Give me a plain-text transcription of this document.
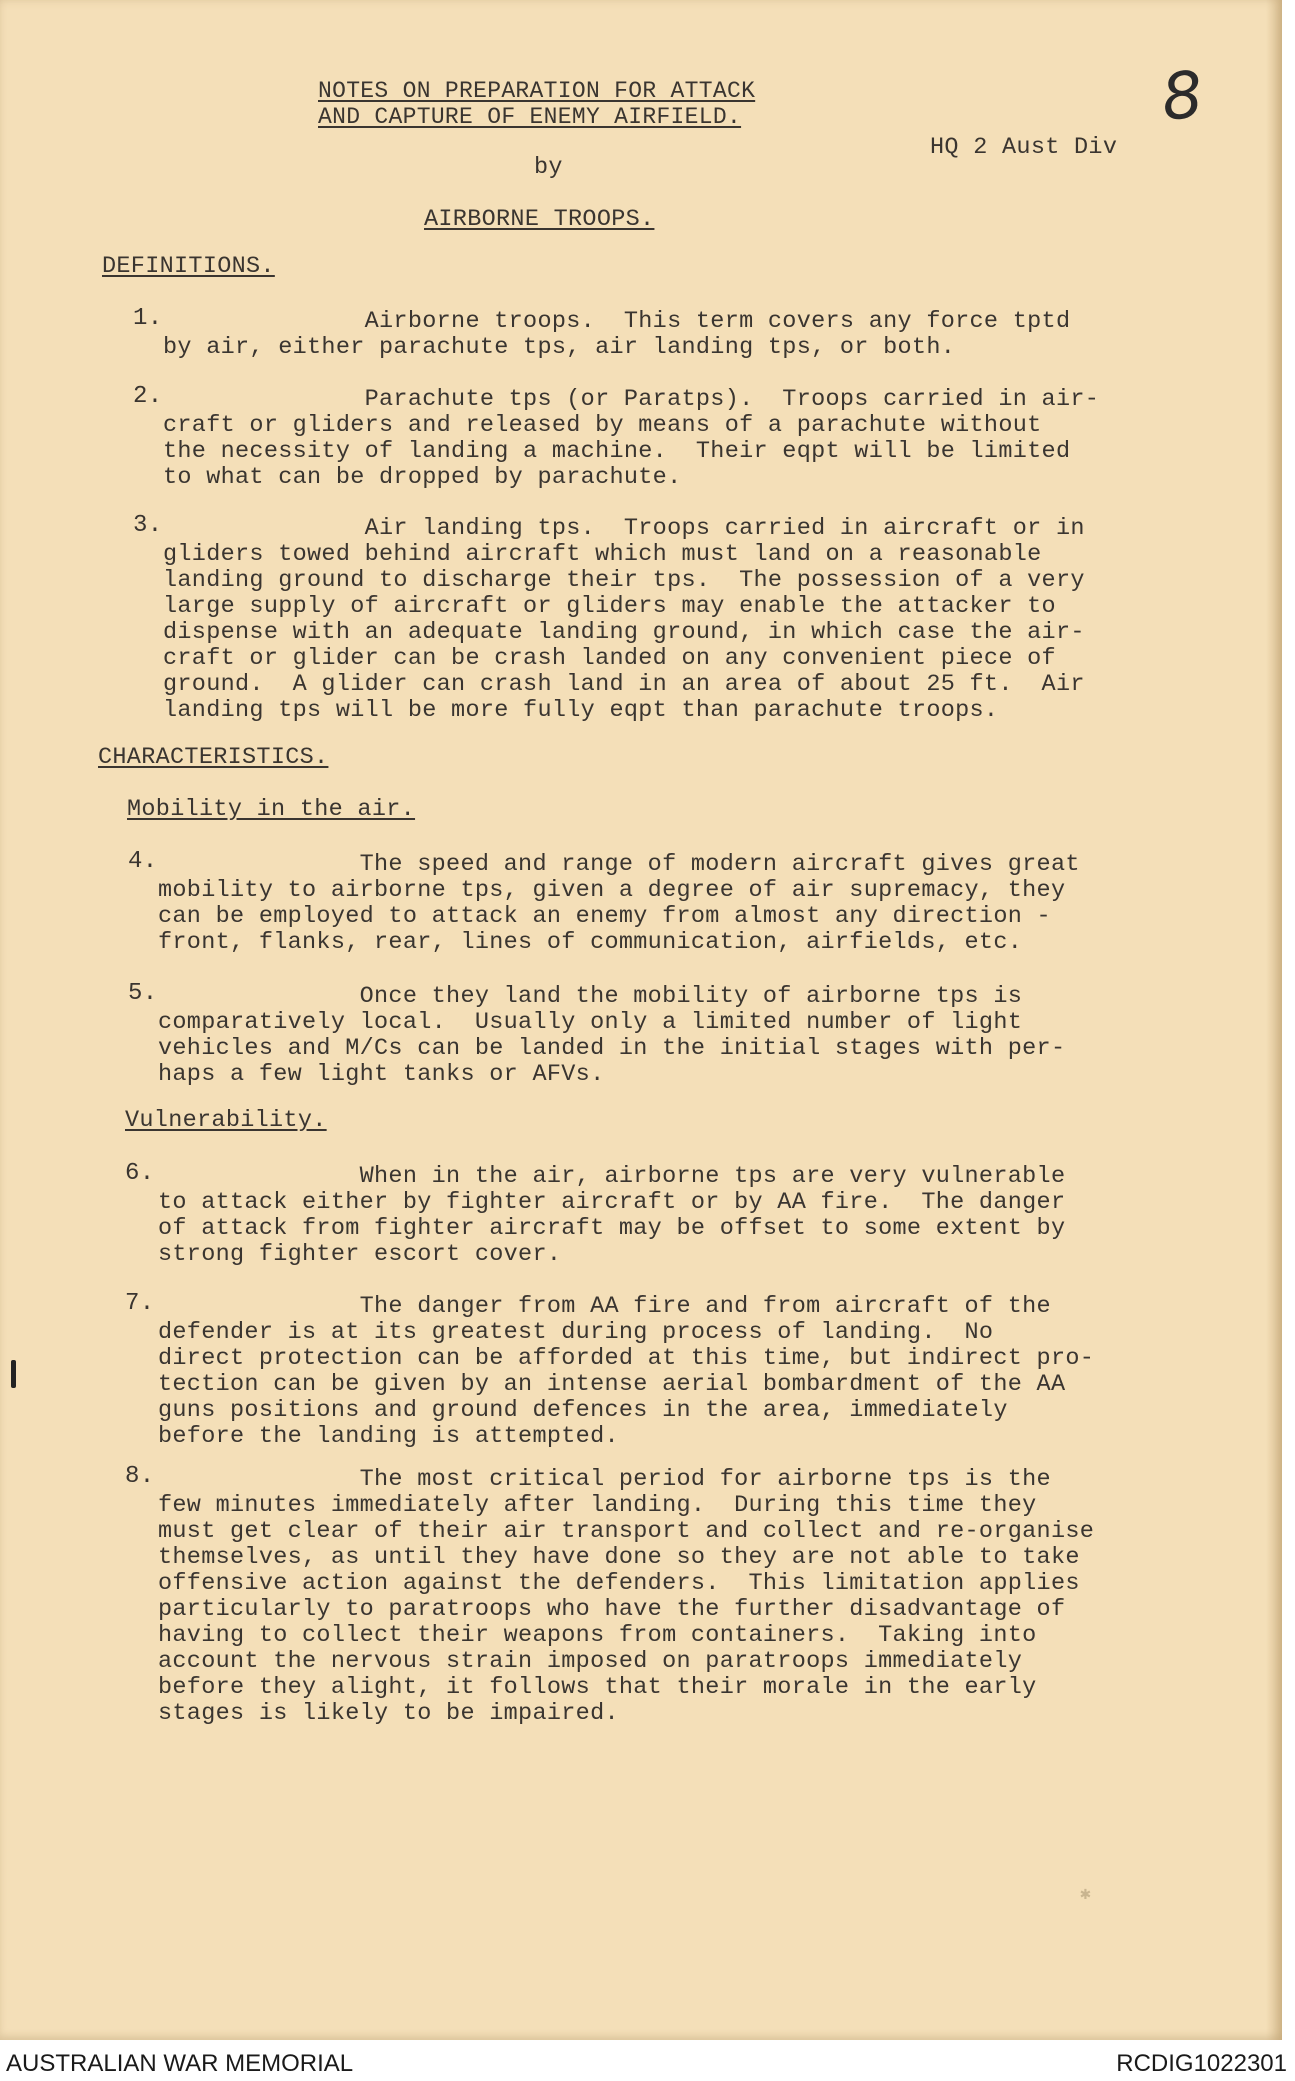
NOTES ON PREPARATION FOR ATTACK
AND CAPTURE OF ENEMY AIRFIELD.
by
AIRBORNE TROOPS.
HQ 2 Aust Div
8
DEFINITIONS.
1.	Airborne troops.  This term covers any force tptd
by air, either parachute tps, air landing tps, or both.
2.	Parachute tps (or Paratps).  Troops carried in air-
craft or gliders and released by means of a parachute without
the necessity of landing a machine.  Their eqpt will be limited
to what can be dropped by parachute.
3.	Air landing tps.  Troops carried in aircraft or in
gliders towed behind aircraft which must land on a reasonable
landing ground to discharge their tps.  The possession of a very
large supply of aircraft or gliders may enable the attacker to
dispense with an adequate landing ground, in which case the air-
craft or glider can be crash landed on any convenient piece of
ground.  A glider can crash land in an area of about 25 ft.  Air
landing tps will be more fully eqpt than parachute troops.
CHARACTERISTICS.
Mobility in the air.
4.	The speed and range of modern aircraft gives great
mobility to airborne tps, given a degree of air supremacy, they
can be employed to attack an enemy from almost any direction -
front, flanks, rear, lines of communication, airfields, etc.
5.	Once they land the mobility of airborne tps is
comparatively local.  Usually only a limited number of light
vehicles and M/Cs can be landed in the initial stages with per-
haps a few light tanks or AFVs.
Vulnerability.
6.	When in the air, airborne tps are very vulnerable
to attack either by fighter aircraft or by AA fire.  The danger
of attack from fighter aircraft may be offset to some extent by
strong fighter escort cover.
7.	The danger from AA fire and from aircraft of the
defender is at its greatest during process of landing.  No
direct protection can be afforded at this time, but indirect pro-
tection can be given by an intense aerial bombardment of the AA
guns positions and ground defences in the area, immediately
before the landing is attempted.
8.	The most critical period for airborne tps is the
few minutes immediately after landing.  During this time they
must get clear of their air transport and collect and re-organise
themselves, as until they have done so they are not able to take
offensive action against the defenders.  This limitation applies
particularly to paratroops who have the further disadvantage of
having to collect their weapons from containers.  Taking into
account the nervous strain imposed on paratroops immediately
before they alight, it follows that their morale in the early
stages is likely to be impaired.
✱
AUSTRALIAN WAR MEMORIAL	RCDIG1022301
